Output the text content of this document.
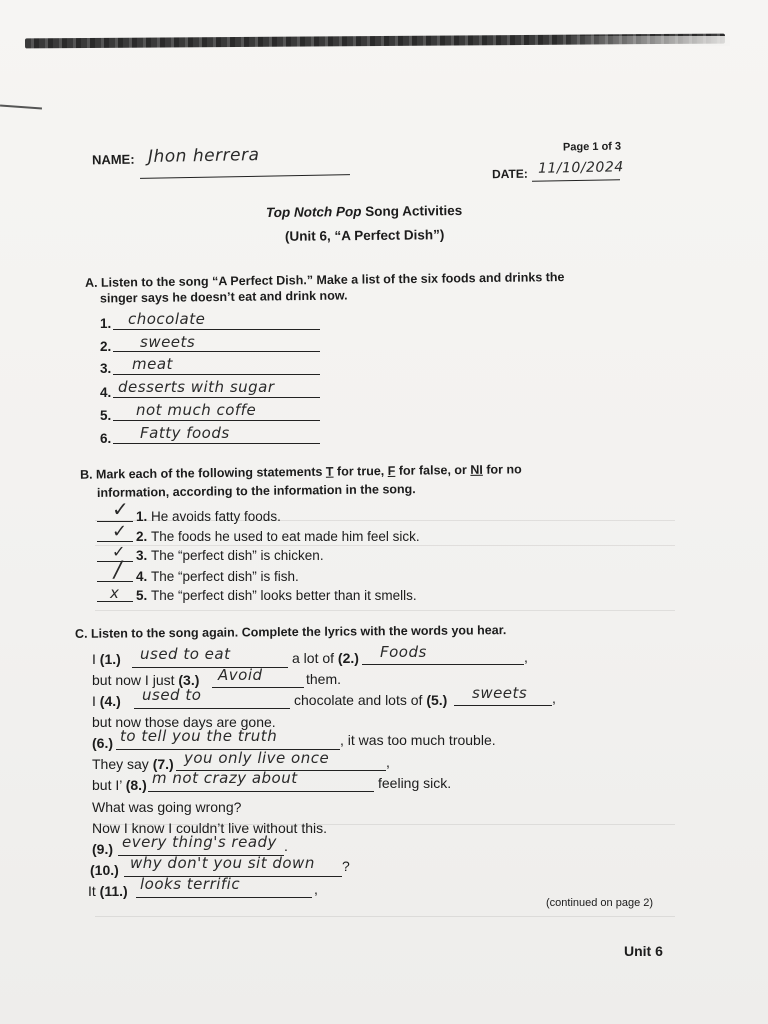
Page 1 of 3
NAME: Jhon herrera
DATE: 11/10/2024
Top Notch Pop Song Activities
(Unit 6, “A Perfect Dish”)
A. Listen to the song “A Perfect Dish.” Make a list of the six foods and drinks the
singer says he doesn’t eat and drink now.
1. chocolate
2. sweets
3. meat
4. desserts with sugar
5. not much coffe
6. Fatty foods
B. Mark each of the following statements T for true, F for false, or NI for no
information, according to the information in the song.
✓ 1. He avoids fatty foods.
✓ 2. The foods he used to eat made him feel sick.
✓ 3. The “perfect dish” is chicken.
/ 4. The “perfect dish” is fish.
x 5. The “perfect dish” looks better than it smells.
C. Listen to the song again. Complete the lyrics with the words you hear.
I (1.) used to eat	a lot of (2.) Foods	,
but now I just (3.) Avoid	them.
I (4.) used to	chocolate and lots of (5.) sweets ,
but now those days are gone.
(6.) to tell you the truth	, it was too much trouble.
They say (7.) you only live once	,
but I’ (8.) m not crazy about	feeling sick.
What was going wrong?
Now I know I couldn’t live without this.
(9.) every thing's ready .
(10.) why don't you sit down ?
It (11.) looks terrific	,
(continued on page 2)
Unit 6
